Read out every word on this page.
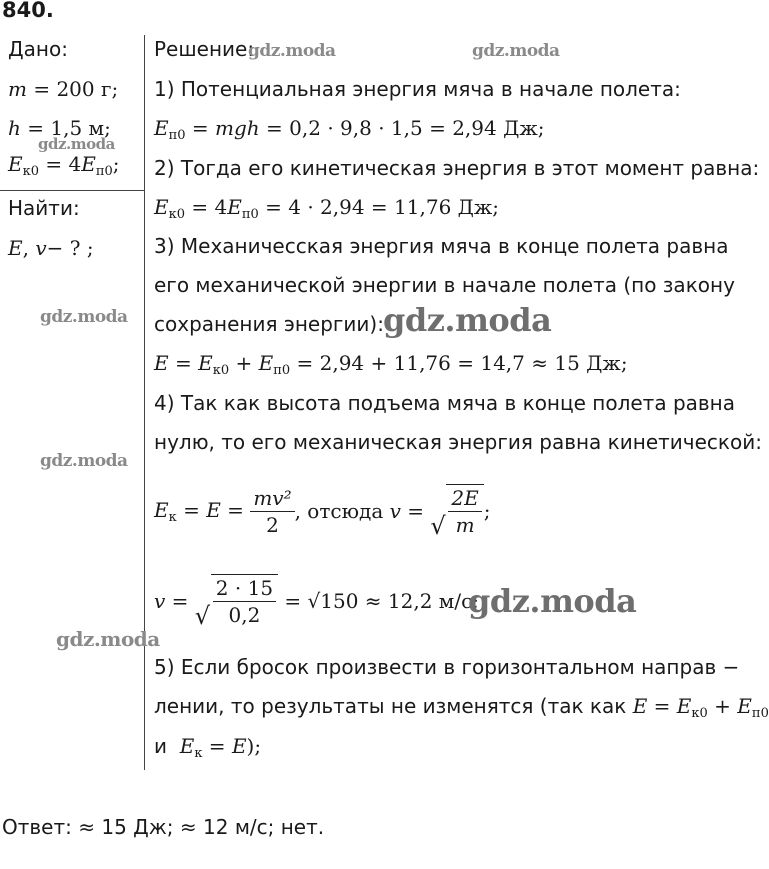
840.
Дано:
m = 200 г;
h = 1,5 м;
$E_{к0} = 4E_{п0}$;
Найти:
E, v− ? ;
Решение:
1) Потенциальная энергия мяча в начале полета:
$E_{п0}$ = mgh = 0,2 · 9,8 · 1,5 = 2,94 Дж;
2) Тогда его кинетическая энергия в этот момент равна:
$E_{к0} = 4E_{п0} = 4 \cdot 2,94 = 11,76$ Дж;
3) Механичесская энергия мяча в конце полета равна
его механической энергии в начале полета (по закону
сохранения энергии):
$E = E_{к0} + E_{п0} = 2,94 + 11,76 = 14,7 \approx 15$ Дж;
4) Так как высота подъема мяча в конце полета равна
нулю, то его механическая энергия равна кинетической:
$E_к = E = \frac{\text{mv²}}{2}$ , отсюда v =
√ $\frac{2E}{m}$ ;
v =
√ $\frac{2 \cdot 15}{0,2}$
= √150 ≈ 12,2 м/с;
5) Если бросок произвести в горизонтальном направ −
лении, то результаты не изменятся (так как $E = E_{к0} + E_{п0}$
и  $E_к = E$);
Ответ: ≈ 15 Дж; ≈ 12 м/с; нет.
gdz.moda	gdz.moda
gdz.moda
gdz.moda	gdz.moda
gdz.moda
gdz.moda
gdz.moda
